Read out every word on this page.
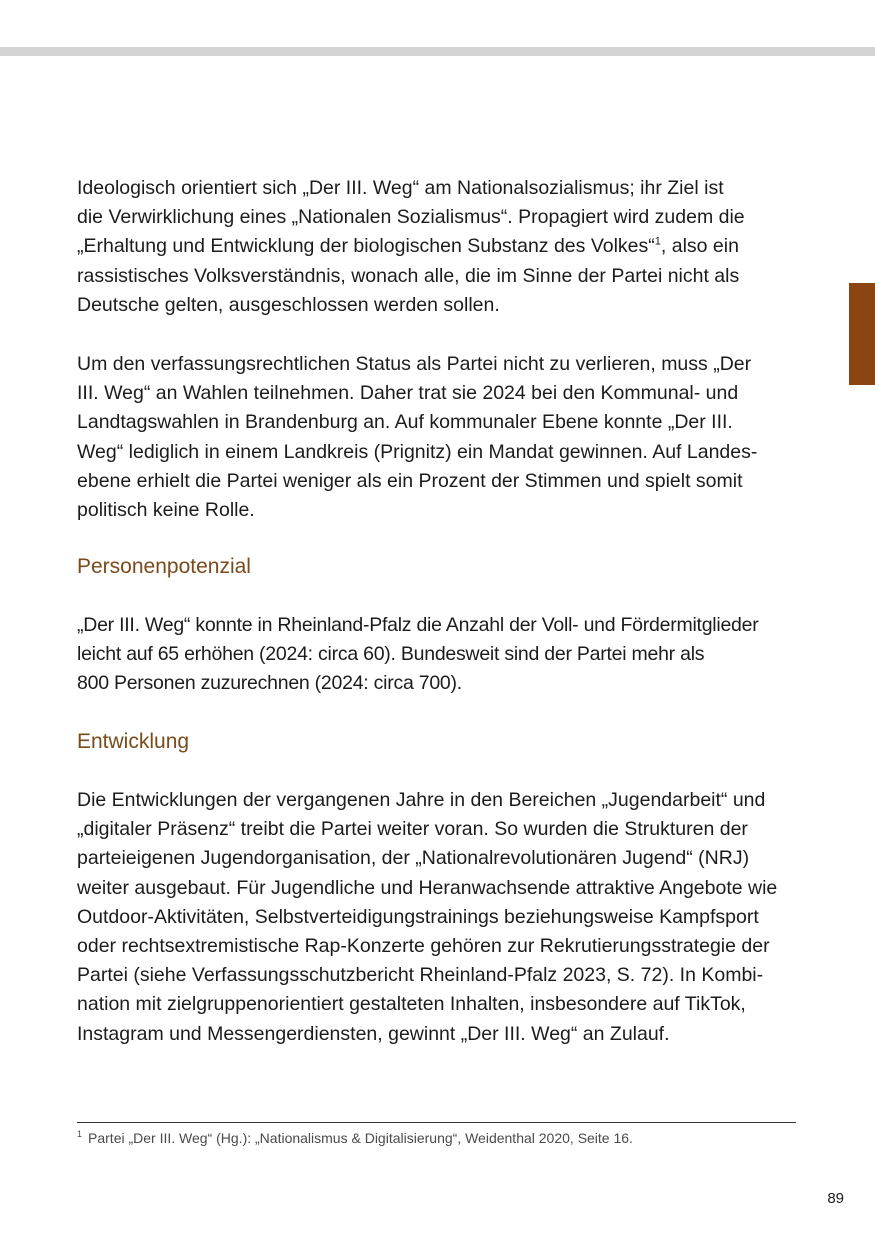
Ideologisch orientiert sich „Der III. Weg“ am Nationalsozialismus; ihr Ziel ist
die Verwirklichung eines „Nationalen Sozialismus“. Propagiert wird zudem die
„Erhaltung und Entwicklung der biologischen Substanz des Volkes“$^1$, also ein
rassistisches Volksverständnis, wonach alle, die im Sinne der Partei nicht als
Deutsche gelten, ausgeschlossen werden sollen.

Um den verfassungsrechtlichen Status als Partei nicht zu verlieren, muss „Der
III. Weg“ an Wahlen teilnehmen. Daher trat sie 2024 bei den Kommunal- und
Landtagswahlen in Brandenburg an. Auf kommunaler Ebene konnte „Der III.
Weg“ lediglich in einem Landkreis (Prignitz) ein Mandat gewinnen. Auf Landes-
ebene erhielt die Partei weniger als ein Prozent der Stimmen und spielt somit
politisch keine Rolle.

Personenpotenzial

„Der III. Weg“ konnte in Rheinland-Pfalz die Anzahl der Voll- und Fördermitglieder
leicht auf 65 erhöhen (2024: circa 60). Bundesweit sind der Partei mehr als
800 Personen zuzurechnen (2024: circa 700).

Entwicklung

Die Entwicklungen der vergangenen Jahre in den Bereichen „Jugendarbeit“ und
„digitaler Präsenz“ treibt die Partei weiter voran. So wurden die Strukturen der
parteieigenen Jugendorganisation, der „Nationalrevolutionären Jugend“ (NRJ)
weiter ausgebaut. Für Jugendliche und Heranwachsende attraktive Angebote wie
Outdoor-Aktivitäten, Selbstverteidigungstrainings beziehungsweise Kampfsport
oder rechtsextremistische Rap-Konzerte gehören zur Rekrutierungsstrategie der
Partei (siehe Verfassungsschutzbericht Rheinland-Pfalz 2023, S. 72). In Kombi-
nation mit zielgruppenorientiert gestalteten Inhalten, insbesondere auf TikTok,
Instagram und Messengerdiensten, gewinnt „Der III. Weg“ an Zulauf.

$^1$ Partei „Der III. Weg“ (Hg.): „Nationalismus & Digitalisierung“, Weidenthal 2020, Seite 16.
89
